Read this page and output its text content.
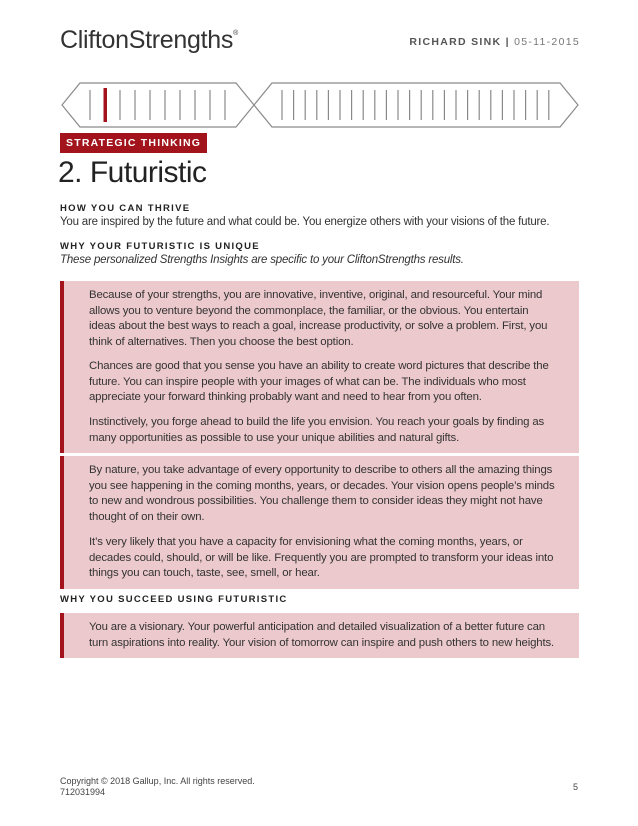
CliftonStrengths®
RICHARD SINK | 05-11-2015
STRATEGIC THINKING
2. Futuristic
HOW YOU CAN THRIVE
You are inspired by the future and what could be. You energize others with your visions of the future.
WHY YOUR FUTURISTIC IS UNIQUE
These personalized Strengths Insights are specific to your CliftonStrengths results.
Because of your strengths, you are innovative, inventive, original, and resourceful. Your mind allows you to venture beyond the commonplace, the familiar, or the obvious. You entertain ideas about the best ways to reach a goal, increase productivity, or solve a problem. First, you think of alternatives. Then you choose the best option.
Chances are good that you sense you have an ability to create word pictures that describe the future. You can inspire people with your images of what can be. The individuals who most appreciate your forward thinking probably want and need to hear from you often.
Instinctively, you forge ahead to build the life you envision. You reach your goals by finding as many opportunities as possible to use your unique abilities and natural gifts.
By nature, you take advantage of every opportunity to describe to others all the amazing things you see happening in the coming months, years, or decades. Your vision opens people’s minds to new and wondrous possibilities. You challenge them to consider ideas they might not have thought of on their own.
It’s very likely that you have a capacity for envisioning what the coming months, years, or decades could, should, or will be like. Frequently you are prompted to transform your ideas into things you can touch, taste, see, smell, or hear.
WHY YOU SUCCEED USING FUTURISTIC
You are a visionary. Your powerful anticipation and detailed visualization of a better future can turn aspirations into reality. Your vision of tomorrow can inspire and push others to new heights.
Copyright © 2018 Gallup, Inc. All rights reserved.
712031994	5
